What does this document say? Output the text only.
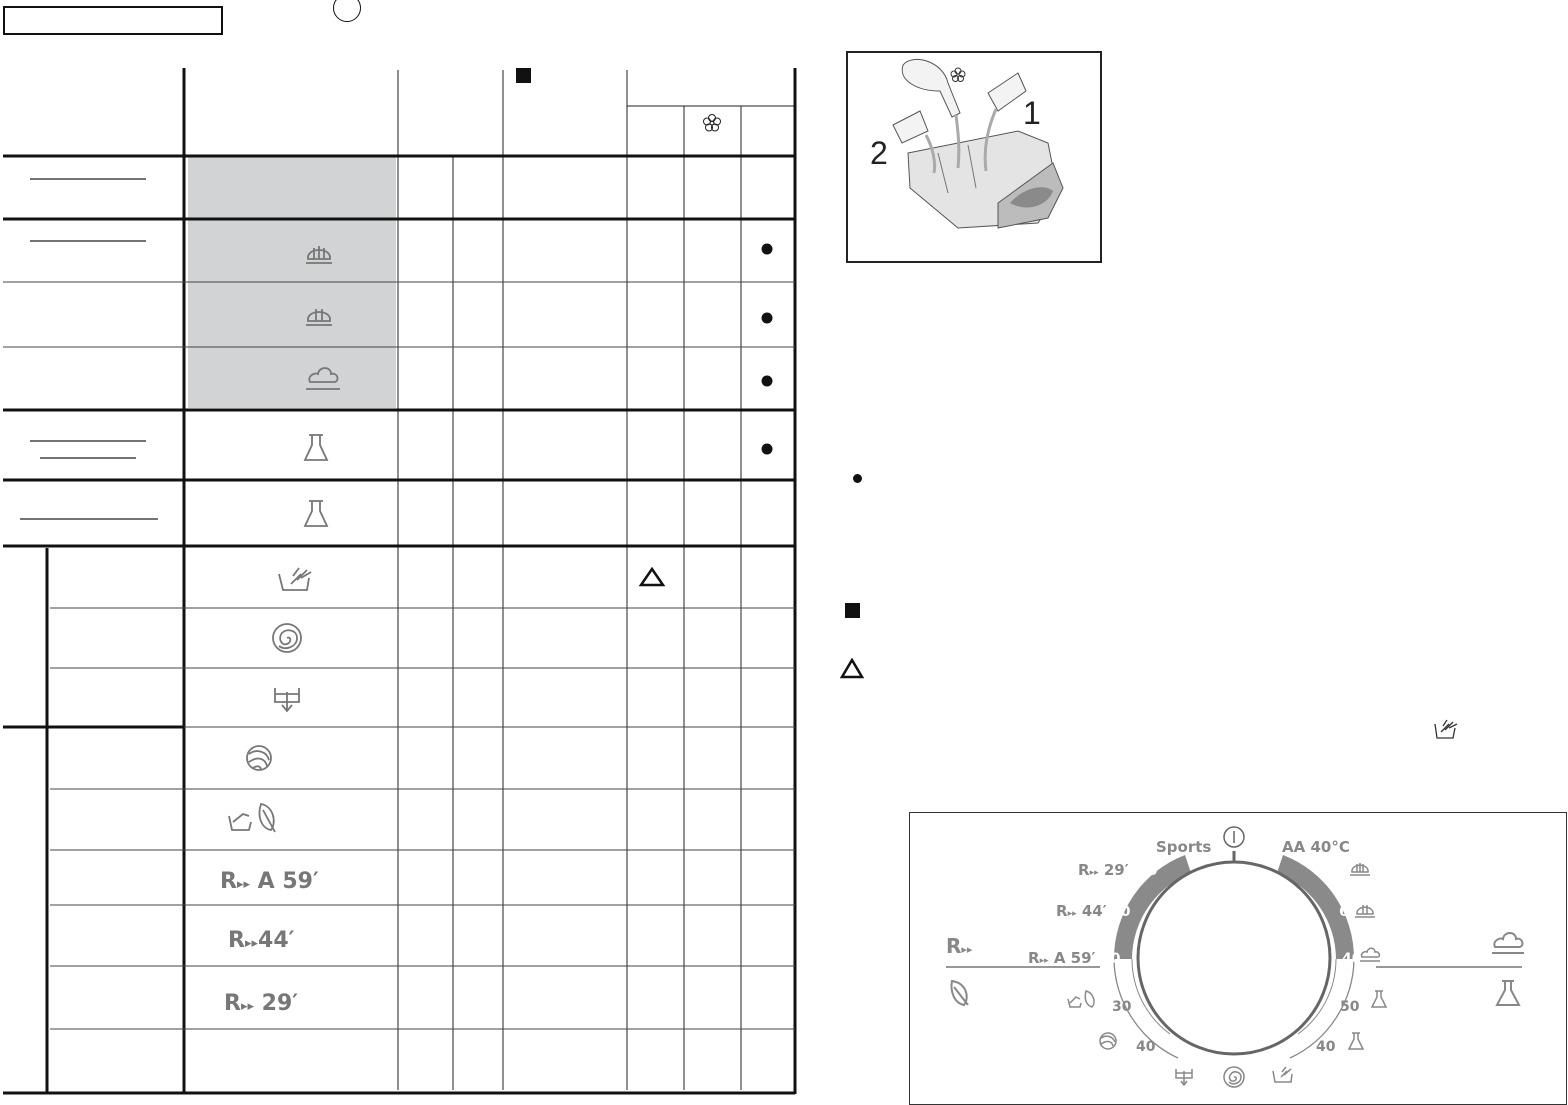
R▸▸ A 59′
R▸▸44′
R▸▸ 29′
1
2
40
40
60
90
60
40
30
40
50
40
Sports	AA 40°C
R▸▸ 29′
R▸▸ 44′
R▸▸ A 59′
R▸▸
